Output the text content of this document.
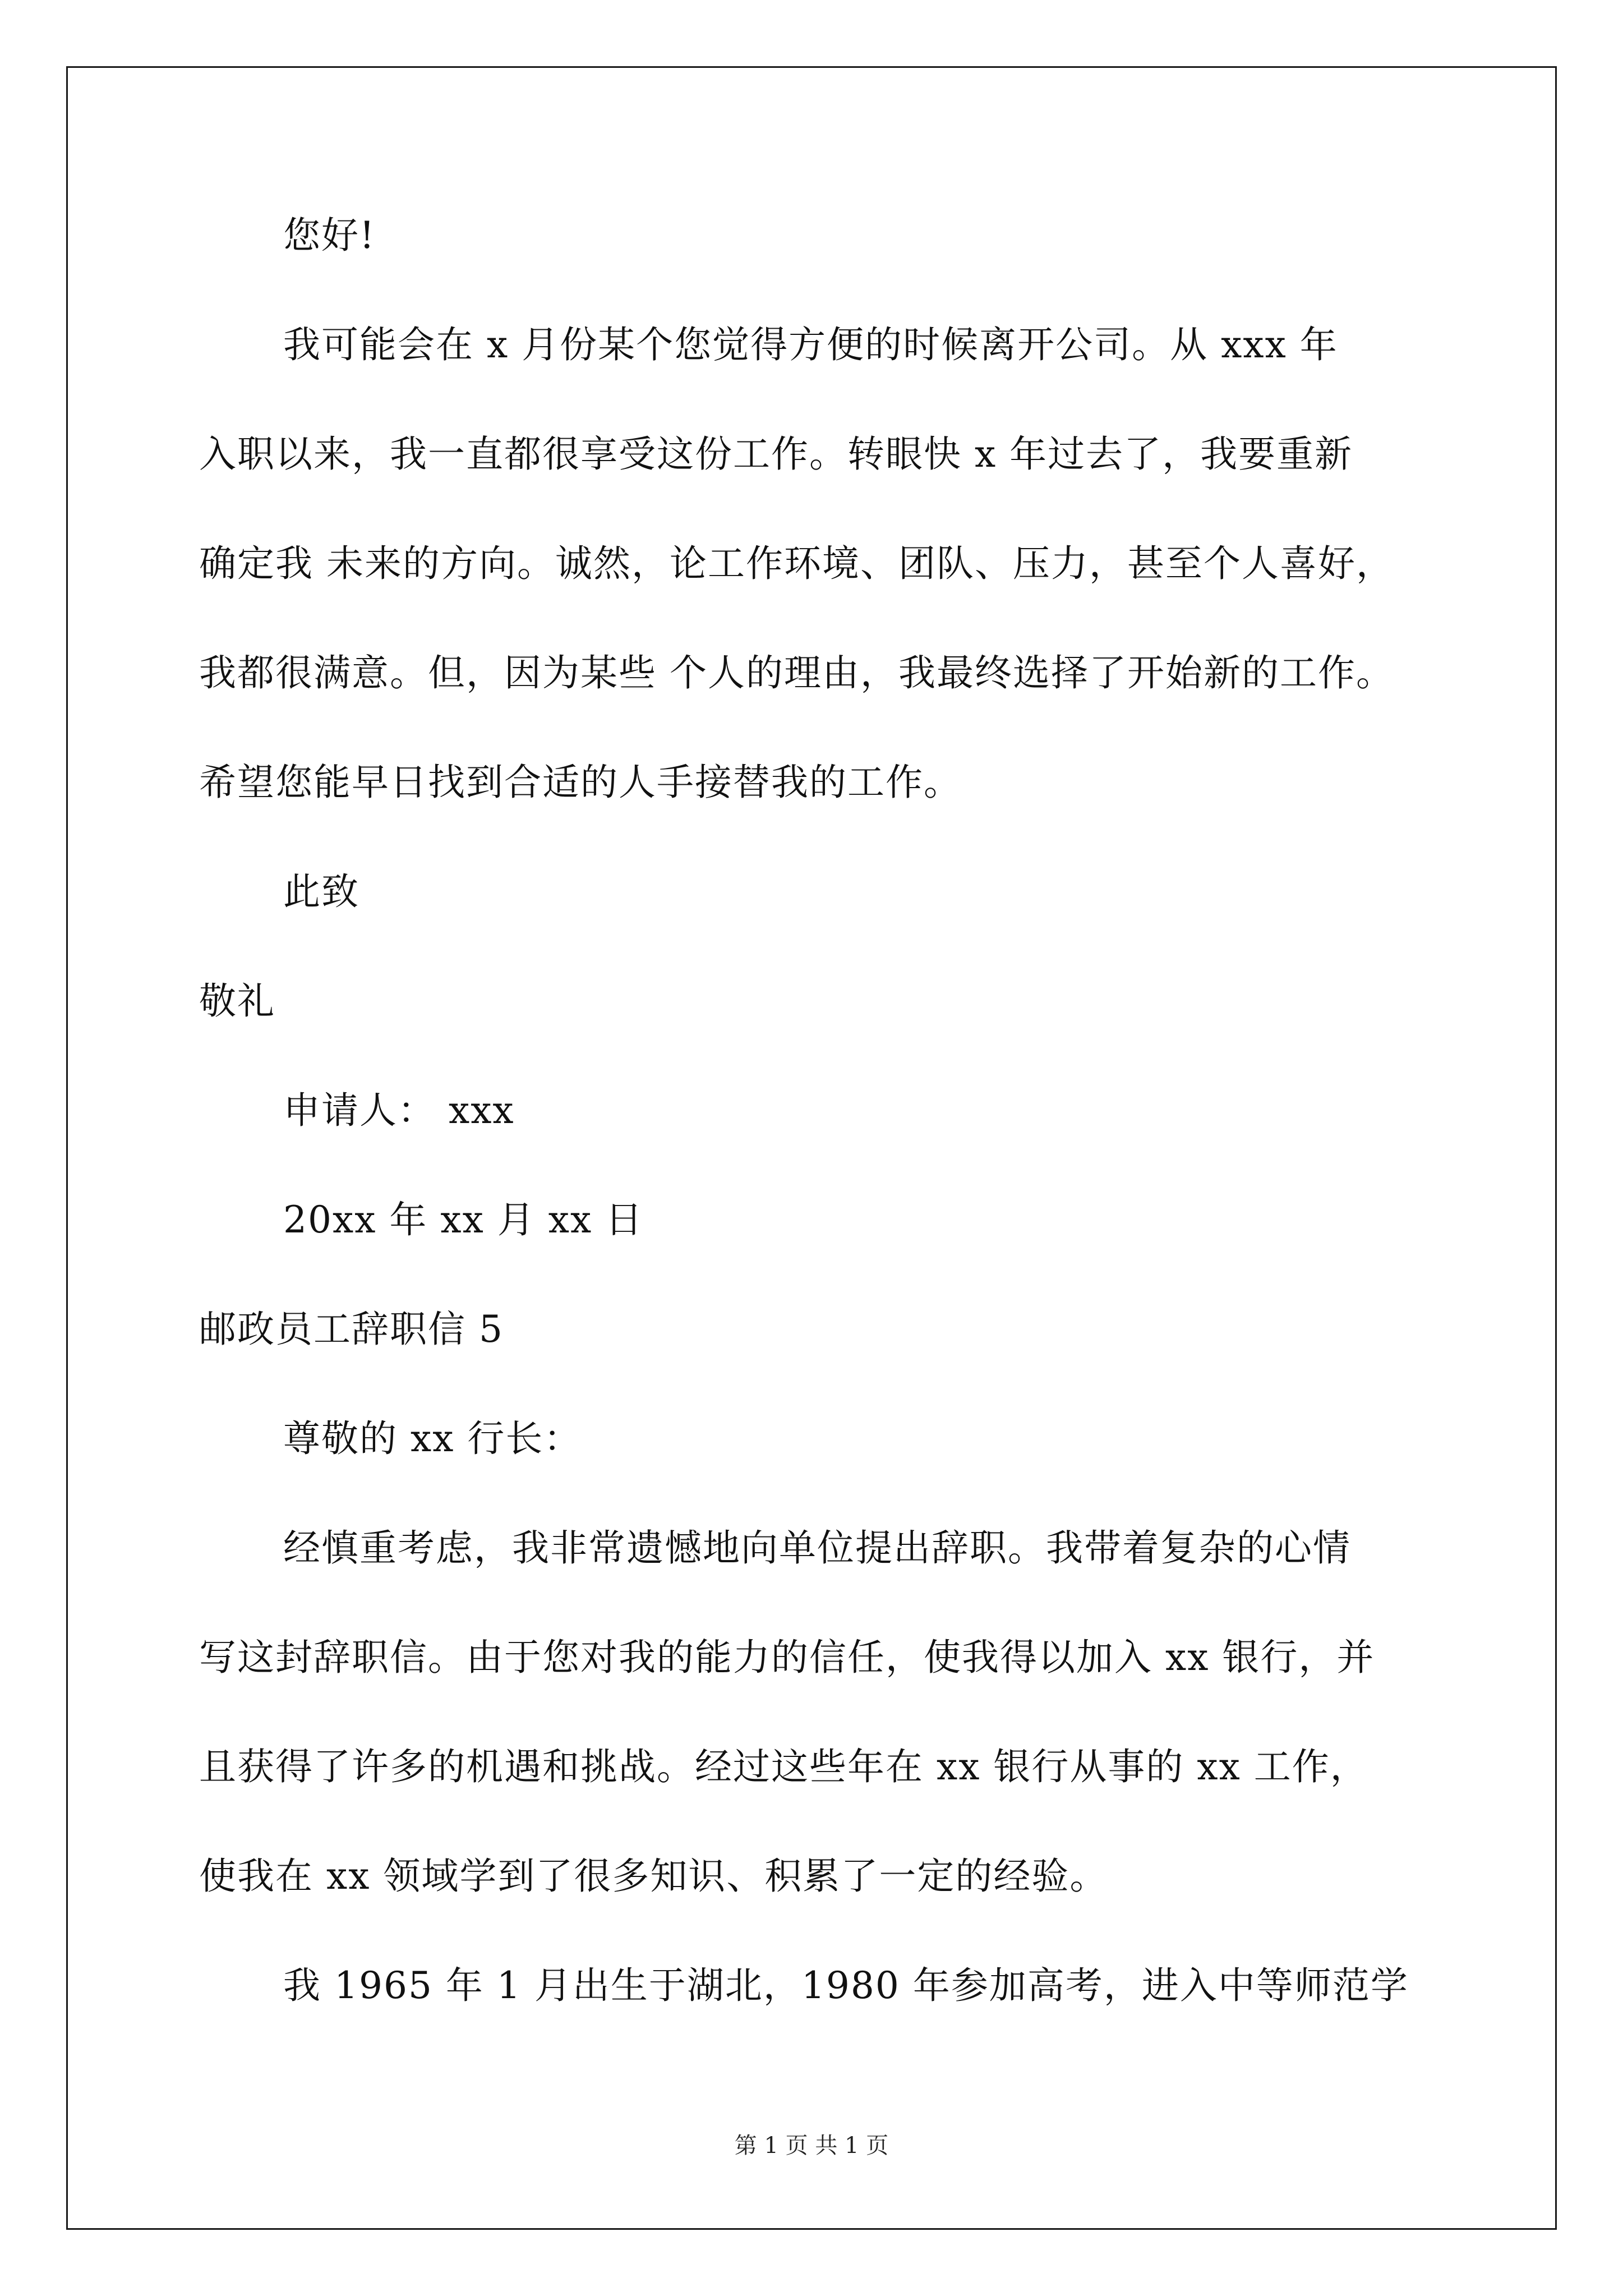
您好!
我可能会在 x 月份某个您觉得方便的时候离开公司。从 xxx 年
入职以来，我一直都很享受这份工作。转眼快 x 年过去了，我要重新
确定我 未来的方向。诚然，论工作环境、团队、压力，甚至个人喜好，
我都很满意。但，因为某些 个人的理由，我最终选择了开始新的工作。
希望您能早日找到合适的人手接替我的工作。
此致
敬礼
申请人： xxx
20xx 年 xx 月 xx 日
邮政员工辞职信 5
尊敬的 xx 行长：
经慎重考虑，我非常遗憾地向单位提出辞职。我带着复杂的心情
写这封辞职信。由于您对我的能力的信任，使我得以加入 xx 银行，并
且获得了许多的机遇和挑战。经过这些年在 xx 银行从事的 xx 工作，
使我在 xx 领域学到了很多知识、积累了一定的经验。
我 1965 年 1 月出生于湖北，1980 年参加高考，进入中等师范学
第 1 页 共 1 页
